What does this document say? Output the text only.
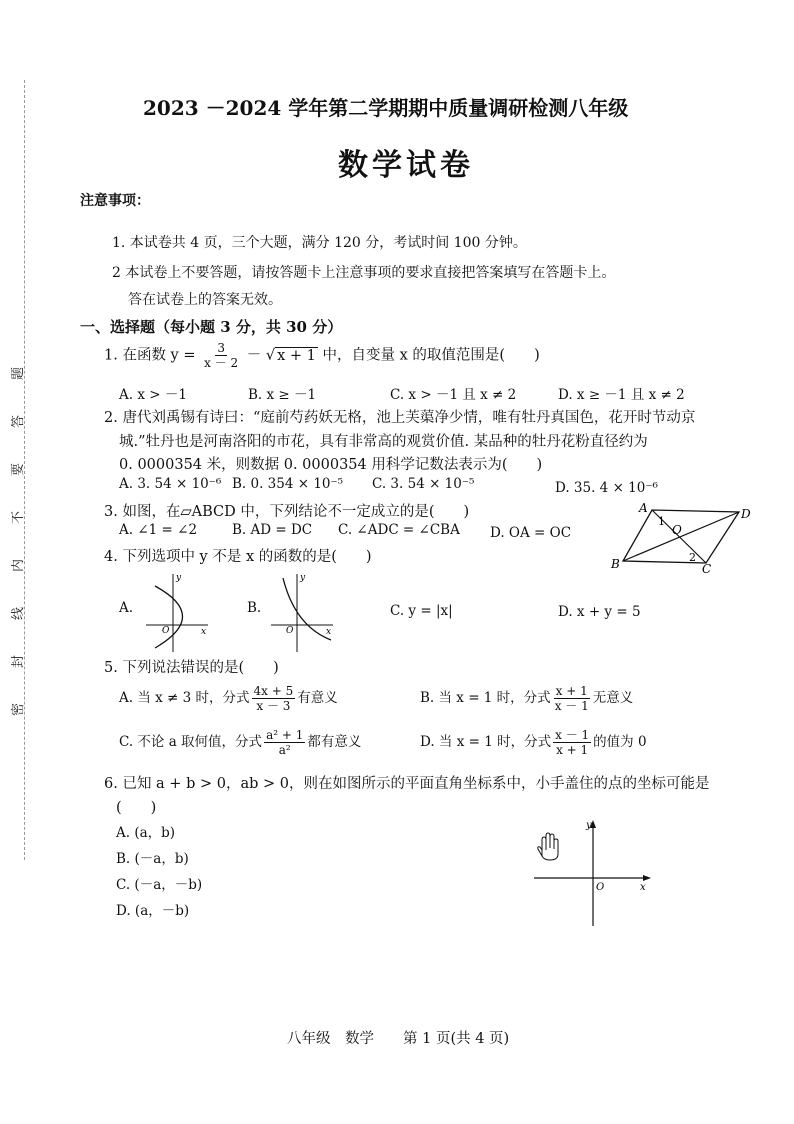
密
封
线
内
不
要
答
题
2023 －2024 学年第二学期期中质量调研检测八年级
数学试卷
注意事项：
1. 本试卷共 4 页，三个大题，满分 120 分，考试时间 100 分钟。
2 本试卷上不要答题，请按答题卡上注意事项的要求直接把答案填写在答题卡上。
答在试卷上的答案无效。
一、选择题（每小题 3 分，共 30 分）
1. 在函数 $y = \frac{3}{x - 2}$ － √ x + 1 中，自变量 x 的取值范围是(　　)
A. x > －1	B. x ≥ －1	C. x > －1 且 x ≠ 2	D. x ≥ －1 且 x ≠ 2
2. 唐代刘禹锡有诗曰：“庭前芍药妖无格，池上芙蕖净少情，唯有牡丹真国色，花开时节动京
城.”牡丹也是河南洛阳的市花，具有非常高的观赏价值. 某品种的牡丹花粉直径约为
0. 0000354 米，则数据 0. 0000354 用科学记数法表示为(　　)
A. 3. 54 × 10⁻⁶ B. 0. 354 × 10⁻⁵ C. 3. 54 × 10⁻⁵	D. 35. 4 × 10⁻⁶
3. 如图，在▱ABCD 中，下列结论不一定成立的是(　　)
A. ∠1 = ∠2	B. AD = DC C. ∠ADC = ∠CBA D. OA = OC
A	D
B	C
O
1
2
4. 下列选项中 y 不是 x 的函数的是(　　)
A.
y
x
O
B.
y
x
O
C. y = |x|	D. x + y = 5
5. 下列说法错误的是(　　)
A. 当 x ≠ 3 时，分式 $\frac{4x + 5}{x - 3}$ 有意义	B. 当 x = 1 时，分式 $\frac{x + 1}{x - 1}$ 无意义
C. 不论 a 取何值，分式 $\frac{\text{a² + 1}}{\text{a²}}$ 都有意义	D. 当 x = 1 时，分式 $\frac{x - 1}{x + 1}$ 的值为 0
6. 已知 a + b > 0，ab > 0，则在如图所示的平面直角坐标系中，小手盖住的点的坐标可能是
(　　)
A. (a，b)
B. (－a，b)
C. (－a，－b)
D. (a，－b)
y
x
O
八年级　数学　　第 1 页(共 4 页)
